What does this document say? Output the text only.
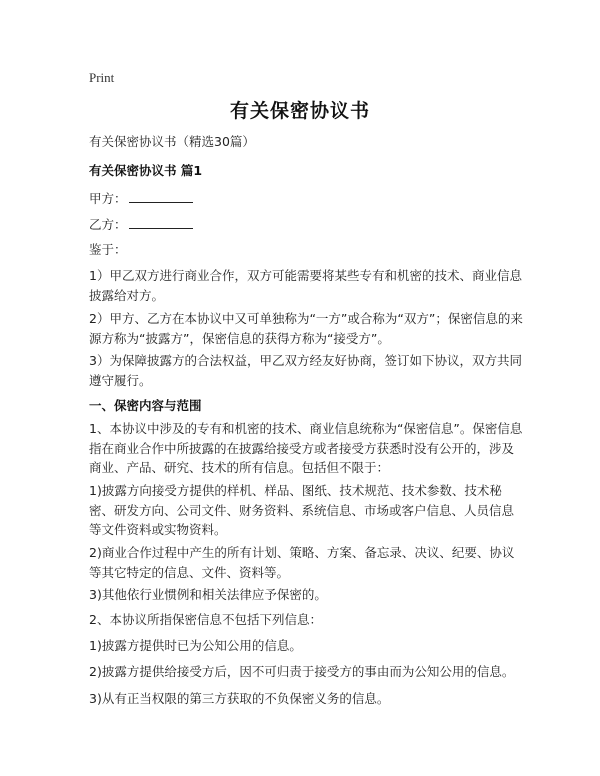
Print
有关保密协议书

有关保密协议书（精选30篇）

有关保密协议书 篇1

甲方：

乙方：

鉴于：

1）甲乙双方进行商业合作，双方可能需要将某些专有和机密的技术、商业信息披露给对方。

2）甲方、乙方在本协议中又可单独称为“一方”或合称为“双方”；保密信息的来源方称为“披露方”，保密信息的获得方称为“接受方”。

3）为保障披露方的合法权益，甲乙双方经友好协商，签订如下协议，双方共同遵守履行。

一、保密内容与范围

1、本协议中涉及的专有和机密的技术、商业信息统称为“保密信息”。保密信息指在商业合作中所披露的在披露给接受方或者接受方获悉时没有公开的，涉及商业、产品、研究、技术的所有信息。包括但不限于：

1)披露方向接受方提供的样机、样品、图纸、技术规范、技术参数、技术秘密、研发方向、公司文件、财务资料、系统信息、市场或客户信息、人员信息等文件资料或实物资料。

2)商业合作过程中产生的所有计划、策略、方案、备忘录、决议、纪要、协议等其它特定的信息、文件、资料等。

3)其他依行业惯例和相关法律应予保密的。

2、本协议所指保密信息不包括下列信息：

1)披露方提供时已为公知公用的信息。

2)披露方提供给接受方后，因不可归责于接受方的事由而为公知公用的信息。

3)从有正当权限的第三方获取的不负保密义务的信息。
